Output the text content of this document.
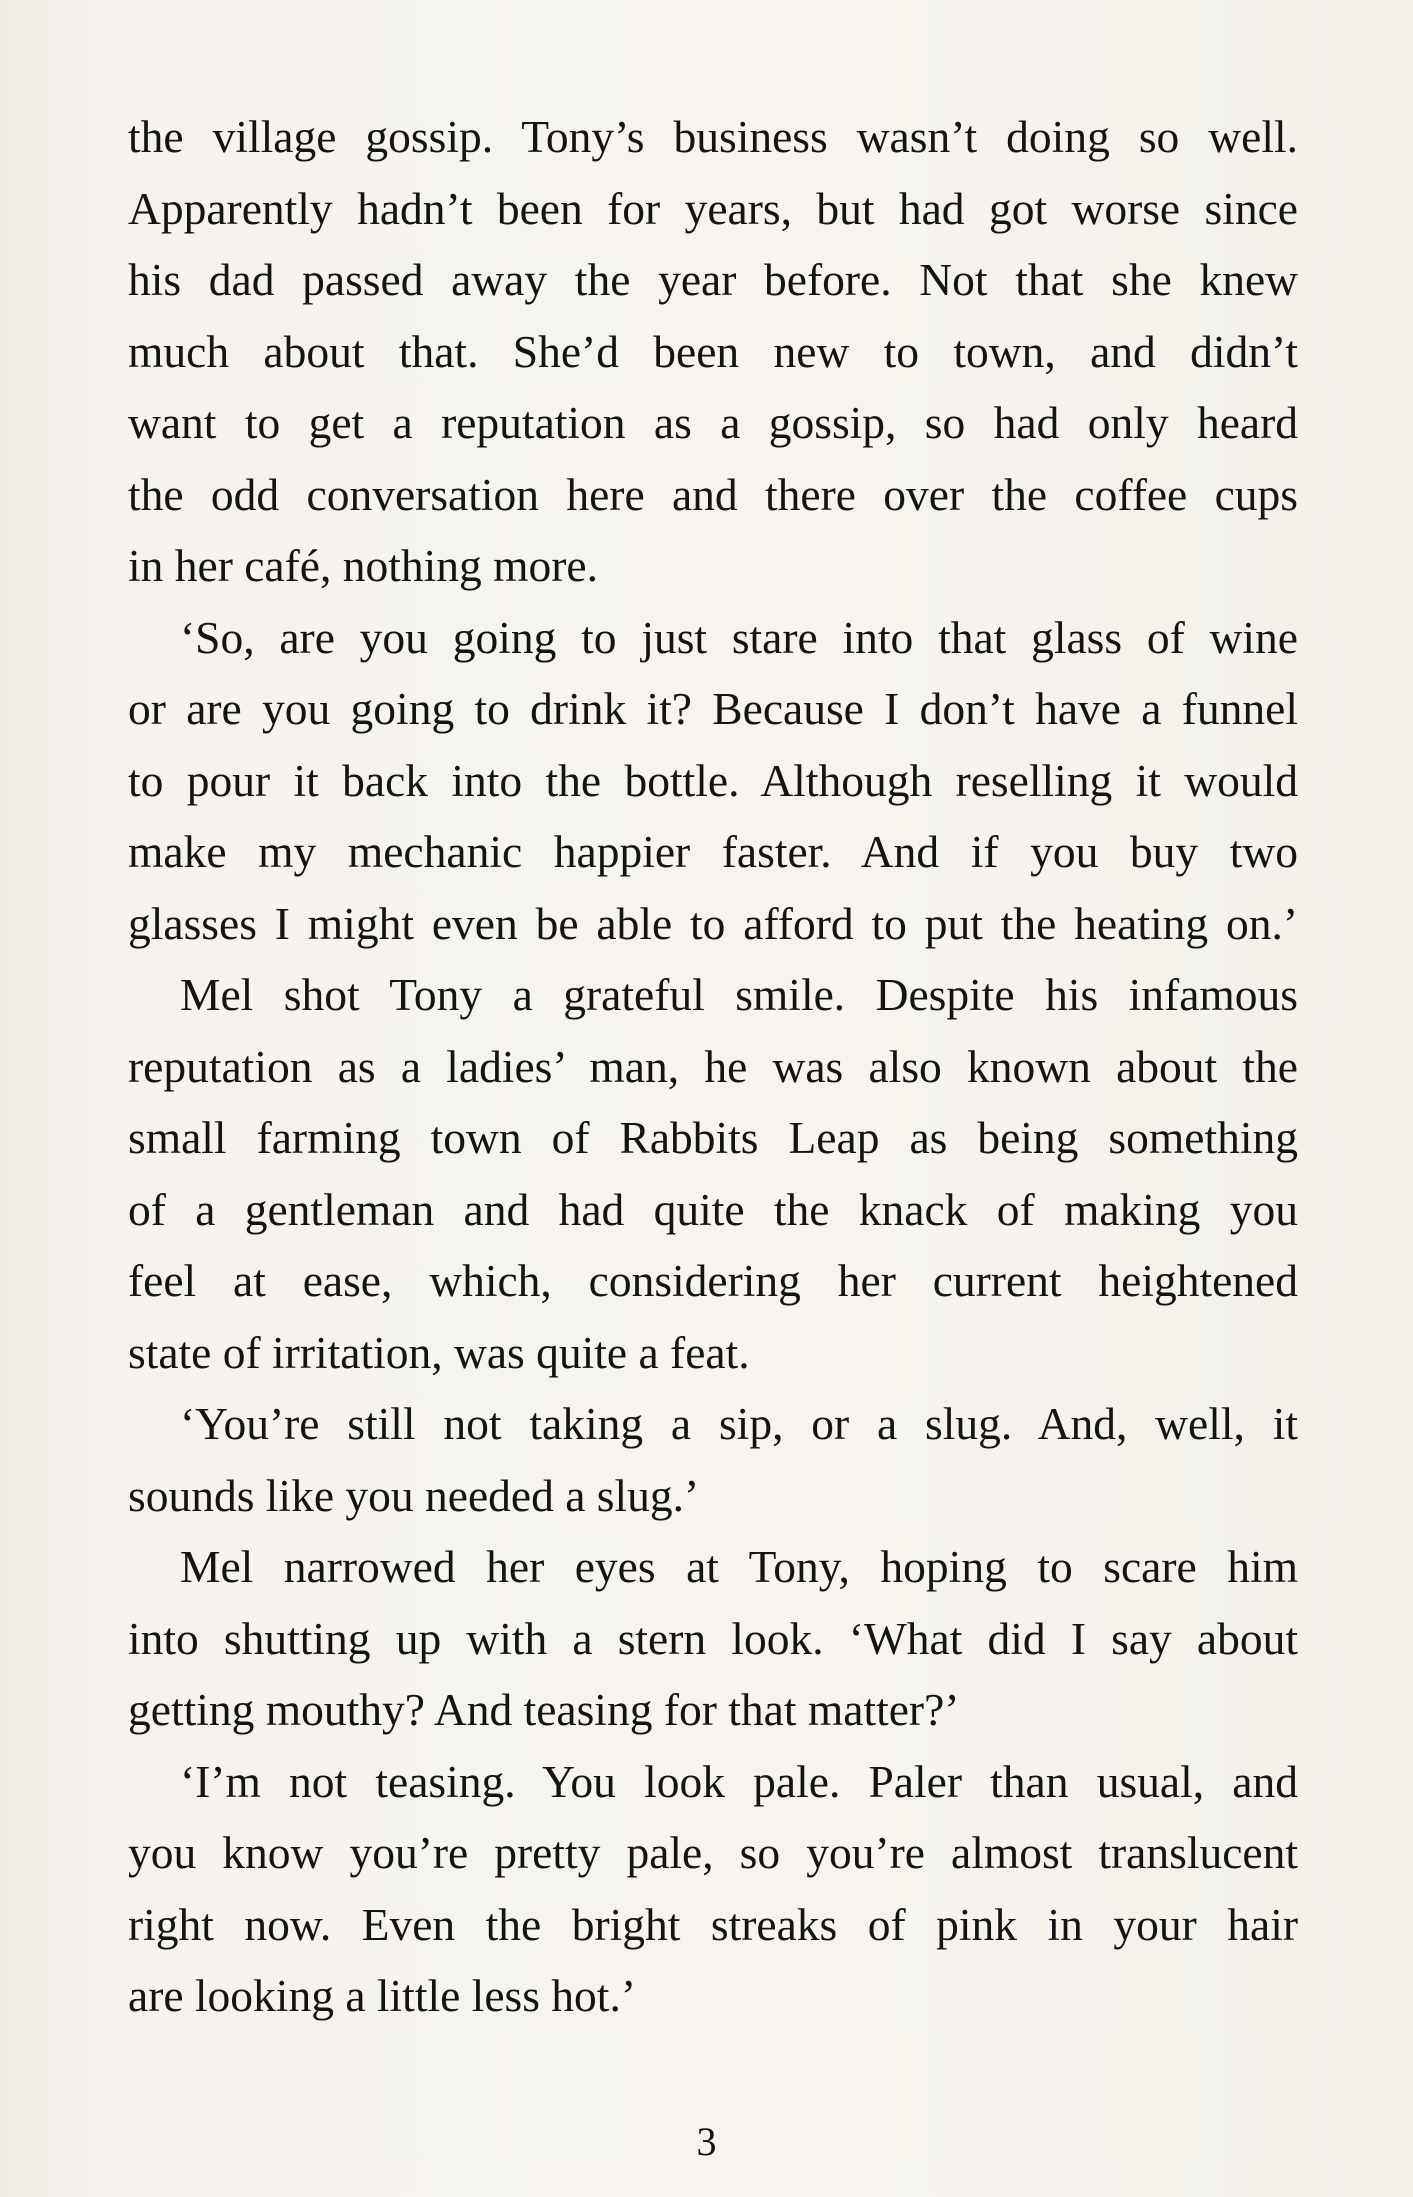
the village gossip. Tony’s business wasn’t doing so well.
Apparently hadn’t been for years, but had got worse since
his dad passed away the year before. Not that she knew
much about that. She’d been new to town, and didn’t
want to get a reputation as a gossip, so had only heard
the odd conversation here and there over the coffee cups
in her café, nothing more.
‘So, are you going to just stare into that glass of wine
or are you going to drink it? Because I don’t have a funnel
to pour it back into the bottle. Although reselling it would
make my mechanic happier faster. And if you buy two
glasses I might even be able to afford to put the heating on.’
Mel shot Tony a grateful smile. Despite his infamous
reputation as a ladies’ man, he was also known about the
small farming town of Rabbits Leap as being something
of a gentleman and had quite the knack of making you
feel at ease, which, considering her current heightened
state of irritation, was quite a feat.
‘You’re still not taking a sip, or a slug. And, well, it
sounds like you needed a slug.’
Mel narrowed her eyes at Tony, hoping to scare him
into shutting up with a stern look. ‘What did I say about
getting mouthy? And teasing for that matter?’
‘I’m not teasing. You look pale. Paler than usual, and
you know you’re pretty pale, so you’re almost translucent
right now. Even the bright streaks of pink in your hair
are looking a little less hot.’
3
